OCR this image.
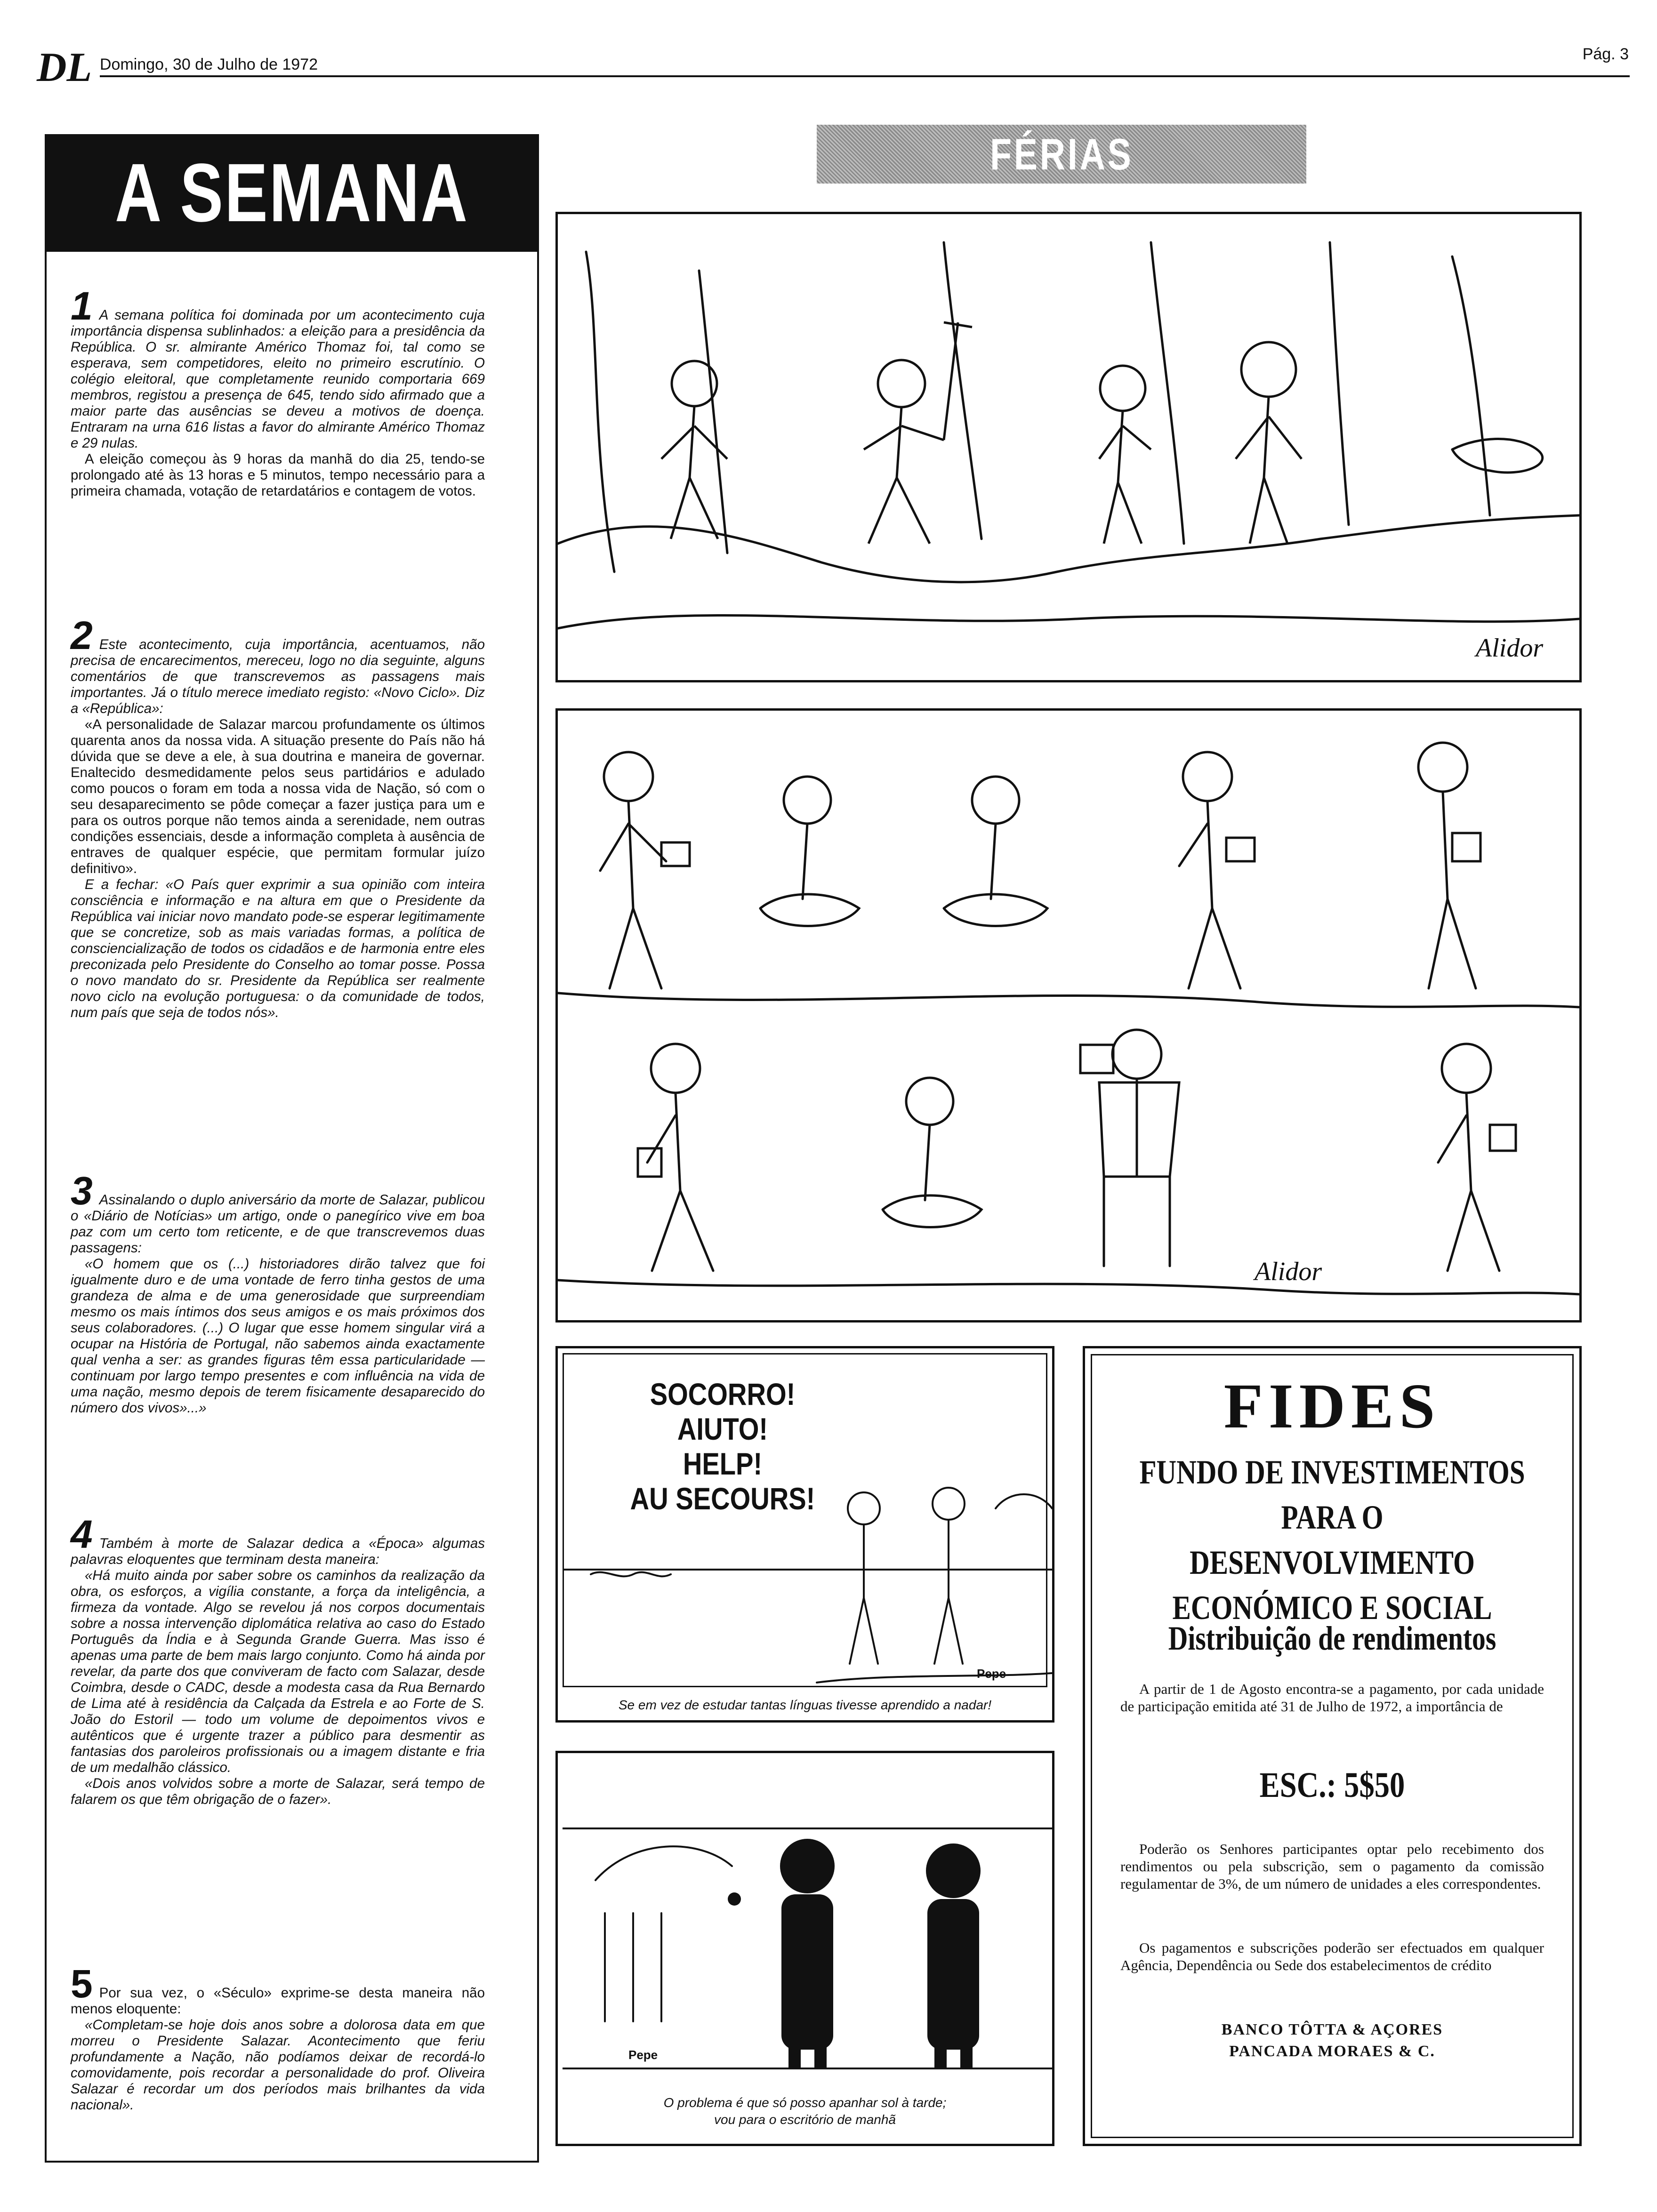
DL Domingo, 30 de Julho de 1972
Pág. 3
A SEMANA

1 A semana política foi dominada por um acontecimento cuja importância dispensa sublinhados: a eleição para a presidência da República. O sr. almirante Américo Thomaz foi, tal como se esperava, sem competidores, eleito no primeiro escrutínio. O colégio eleitoral, que completamente reunido comportaria 669 membros, registou a presença de 645, tendo sido afirmado que a maior parte das ausências se deveu a motivos de doença. Entraram na urna 616 listas a favor do almirante Américo Thomaz e 29 nulas.

A eleição começou às 9 horas da manhã do dia 25, tendo-se prolongado até às 13 horas e 5 minutos, tempo necessário para a primeira chamada, votação de retardatários e contagem de votos.

2 Este acontecimento, cuja importância, acentuamos, não precisa de encarecimentos, mereceu, logo no dia seguinte, alguns comentários de que transcrevemos as passagens mais importantes. Já o título merece imediato registo: «Novo Ciclo». Diz a «República»:

«A personalidade de Salazar marcou profundamente os últimos quarenta anos da nossa vida. A situação presente do País não há dúvida que se deve a ele, à sua doutrina e maneira de governar. Enaltecido desmedidamente pelos seus partidários e adulado como poucos o foram em toda a nossa vida de Nação, só com o seu desaparecimento se pôde começar a fazer justiça para um e para os outros porque não temos ainda a serenidade, nem outras condições essenciais, desde a informação completa à ausência de entraves de qualquer espécie, que permitam formular juízo definitivo».

E a fechar: «O País quer exprimir a sua opinião com inteira consciência e informação e na altura em que o Presidente da República vai iniciar novo mandato pode-se esperar legitimamente que se concretize, sob as mais variadas formas, a política de consciencialização de todos os cidadãos e de harmonia entre eles preconizada pelo Presidente do Conselho ao tomar posse. Possa o novo mandato do sr. Presidente da República ser realmente novo ciclo na evolução portuguesa: o da comunidade de todos, num país que seja de todos nós».

3 Assinalando o duplo aniversário da morte de Salazar, publicou o «Diário de Notícias» um artigo, onde o panegírico vive em boa paz com um certo tom reticente, e de que transcrevemos duas passagens:

«O homem que os (...) historiadores dirão talvez que foi igualmente duro e de uma vontade de ferro tinha gestos de uma grandeza de alma e de uma generosidade que surpreendiam mesmo os mais íntimos dos seus amigos e os mais próximos dos seus colaboradores. (...) O lugar que esse homem singular virá a ocupar na História de Portugal, não sabemos ainda exactamente qual venha a ser: as grandes figuras têm essa particularidade — continuam por largo tempo presentes e com influência na vida de uma nação, mesmo depois de terem fisicamente desaparecido do número dos vivos»...»

4 Também à morte de Salazar dedica a «Época» algumas palavras eloquentes que terminam desta maneira:

«Há muito ainda por saber sobre os caminhos da realização da obra, os esforços, a vigília constante, a força da inteligência, a firmeza da vontade. Algo se revelou já nos corpos documentais sobre a nossa intervenção diplomática relativa ao caso do Estado Português da Índia e à Segunda Grande Guerra. Mas isso é apenas uma parte de bem mais largo conjunto. Como há ainda por revelar, da parte dos que conviveram de facto com Salazar, desde Coimbra, desde o CADC, desde a modesta casa da Rua Bernardo de Lima até à residência da Calçada da Estrela e ao Forte de S. João do Estoril — todo um volume de depoimentos vivos e autênticos que é urgente trazer a público para desmentir as fantasias dos paroleiros profissionais ou a imagem distante e fria de um medalhão clássico.

«Dois anos volvidos sobre a morte de Salazar, será tempo de falarem os que têm obrigação de o fazer».

5 Por sua vez, o «Século» exprime-se desta maneira não menos eloquente:

«Completam-se hoje dois anos sobre a dolorosa data em que morreu o Presidente Salazar. Acontecimento que feriu profundamente a Nação, não podíamos deixar de recordá-lo comovidamente, pois recordar a personalidade do prof. Oliveira Salazar é recordar um dos períodos mais brilhantes da vida nacional».

FÉRIAS
Alidor
Alidor
SOCORRO!
AIUTO!
HELP!
AU SECOURS!
Pepe
Se em vez de estudar tantas línguas tivesse aprendido a nadar!
Pepe
O problema é que só posso apanhar sol à tarde;
vou para o escritório de manhã
FIDES
FUNDO DE INVESTIMENTOS
PARA O DESENVOLVIMENTO
ECONÓMICO E SOCIAL
Distribuição de rendimentos
A partir de 1 de Agosto encontra-se a pagamento, por cada unidade de participação emitida até 31 de Julho de 1972, a importância de
ESC.: 5$50
Poderão os Senhores participantes optar pelo recebimento dos rendimentos ou pela subscrição, sem o pagamento da comissão regulamentar de 3%, de um número de unidades a eles correspondentes.
Os pagamentos e subscrições poderão ser efectuados em qualquer Agência, Dependência ou Sede dos estabelecimentos de crédito
BANCO TÔTTA & AÇORES
PANCADA MORAES & C.
